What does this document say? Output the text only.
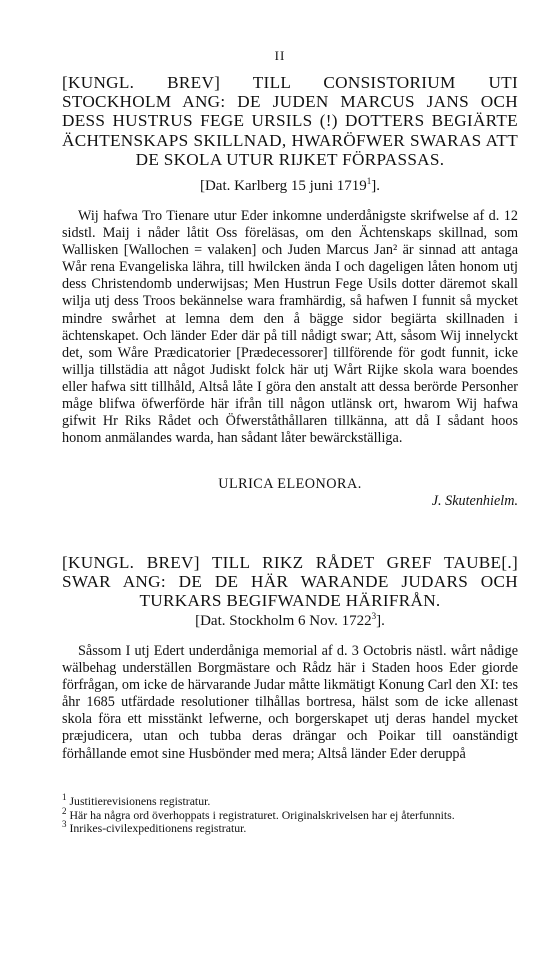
II
[KUNGL. BREV] TILL CONSISTORIUM UTI STOCKHOLM ANG: DE JUDEN MARCUS JANS OCH DESS HUSTRUS FEGE URSILS (!) DOTTERS BEGIÄRTE ÄCHTENSKAPS SKILLNAD, HWARÖFWER SWARAS ATT DE SKOLA UTUR RIJKET FÖRPASSAS.
[Dat. Karlberg 15 juni 1719$^1$].

Wij hafwa Tro Tienare utur Eder inkomne underdånigste skrifwelse af d. 12 sidstl. Maij i nåder låtit Oss föreläsas, om den Ächtenskaps skillnad, som Wallisken [Wallochen = valaken] och Juden Marcus Jan² är sinnad att antaga Wår rena Evangeliska lähra, till hwilcken ända I och dageligen låten honom utj dess Christendomb underwijsas; Men Hustrun Fege Usils dotter däremot skall wilja utj dess Troos bekännelse wara framhärdig, så hafwen I funnit så mycket mindre swårhet at lemna dem den å bägge sidor begiärta skillnaden i ächtenskapet. Och länder Eder där på till nådigt swar; Att, såsom Wij innelyckt det, som Wåre Prædicatorier [Prædecessorer] tillförende för godt funnit, icke willja tillstädia att något Judiskt folck här utj Wårt Rijke skola wara boendes eller hafwa sitt tillhåld, Altså låte I göra den anstalt att dessa berörde Personher måge blifwa öfwerförde här ifrån till någon utlänsk ort, hwarom Wij hafwa gifwit Hr Riks Rådet och Öfwerståthållaren tillkänna, att då I sådant hoos honom anmälandes warda, han sådant låter bewärckställiga.

ULRICA ELEONORA.
J. Skutenhielm.
[KUNGL. BREV] TILL RIKZ RÅDET GREF TAUBE[.] SWAR ANG: DE DE HÄR WARANDE JUDARS OCH TURKARS BEGIFWANDE HÄRIFRÅN.
[Dat. Stockholm 6 Nov. 1722$^3$].

Såssom I utj Edert underdåniga memorial af d. 3 Octobris nästl. wårt nådige wälbehag underställen Borgmästare och Rådz här i Staden hoos Eder giorde förfrågan, om icke de härvarande Judar måtte likmätigt Konung Carl den XI: tes åhr 1685 utfärdade resolutioner tilhållas bortresa, hälst som de icke allenast skola föra ett misstänkt lefwerne, och borgerskapet utj deras handel mycket præjudicera, utan och tubba deras drängar och Poikar till oanständigt förhållande emot sine Husbönder med mera; Altså länder Eder deruppå

$^1$ Justitierevisionens registratur.
$^2$ Här ha några ord överhoppats i registraturet. Originalskrivelsen har ej återfunnits.
$^3$ Inrikes-civilexpeditionens registratur.
